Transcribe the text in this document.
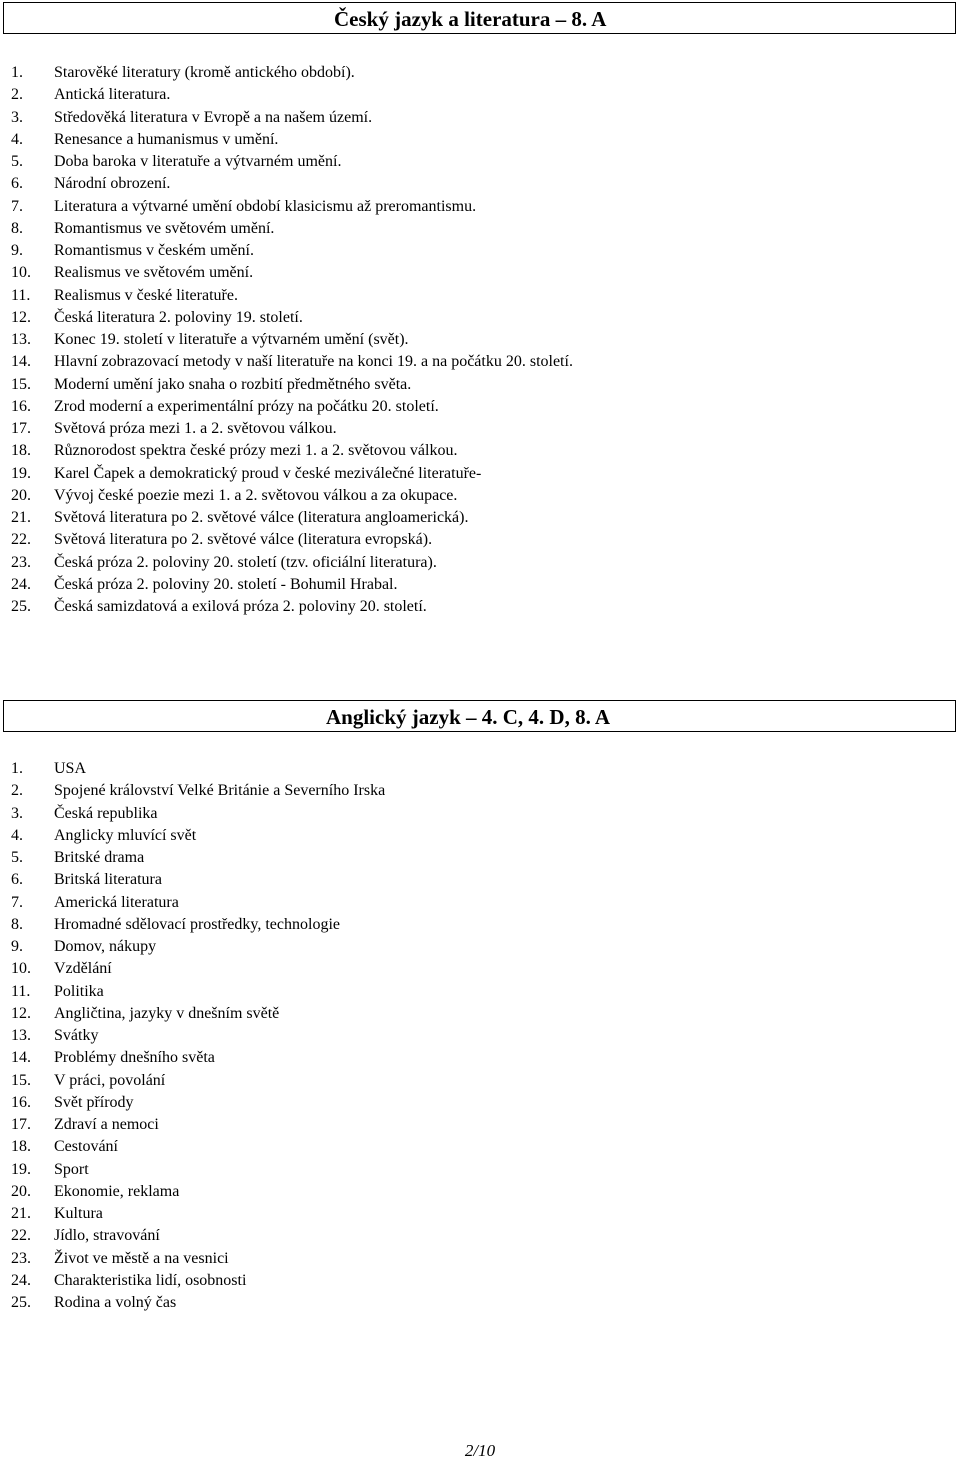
Český jazyk a literatura – 8. A
1.	Starověké literatury (kromě antického období).
2.	Antická literatura.
3.	Středověká literatura v Evropě a na našem území.
4.	Renesance a humanismus v umění.
5.	Doba baroka v literatuře a výtvarném umění.
6.	Národní obrození.
7.	Literatura a výtvarné umění období klasicismu až preromantismu.
8.	Romantismus ve světovém umění.
9.	Romantismus v českém umění.
10.	Realismus ve světovém umění.
11.	Realismus v české literatuře.
12.	Česká literatura 2. poloviny 19. století.
13.	Konec 19. století v literatuře a výtvarném umění (svět).
14.	Hlavní zobrazovací metody v naší literatuře na konci 19. a na počátku 20. století.
15.	Moderní umění jako snaha o rozbití předmětného světa.
16.	Zrod moderní a experimentální prózy na počátku 20. století.
17.	Světová próza mezi 1. a 2. světovou válkou.
18.	Různorodost spektra české prózy mezi 1. a 2. světovou válkou.
19.	Karel Čapek a demokratický proud v české meziválečné literatuře-
20.	Vývoj české poezie mezi 1. a 2. světovou válkou a za okupace.
21.	Světová literatura po 2. světové válce (literatura angloamerická).
22.	Světová literatura po 2. světové válce (literatura evropská).
23.	Česká próza 2. poloviny 20. století (tzv. oficiální literatura).
24.	Česká próza 2. poloviny 20. století - Bohumil Hrabal.
25.	Česká samizdatová a exilová próza 2. poloviny 20. století.
Anglický jazyk – 4. C, 4. D, 8. A
1.	USA
2.	Spojené království Velké Británie a Severního Irska
3.	Česká republika
4.	Anglicky mluvící svět
5.	Britské drama
6.	Britská literatura
7.	Americká literatura
8.	Hromadné sdělovací prostředky, technologie
9.	Domov, nákupy
10.	Vzdělání
11.	Politika
12.	Angličtina, jazyky v dnešním světě
13.	Svátky
14.	Problémy dnešního světa
15.	V práci, povolání
16.	Svět přírody
17.	Zdraví a nemoci
18.	Cestování
19.	Sport
20.	Ekonomie, reklama
21.	Kultura
22.	Jídlo, stravování
23.	Život ve městě a na vesnici
24.	Charakteristika lidí, osobnosti
25.	Rodina a volný čas
2/10
